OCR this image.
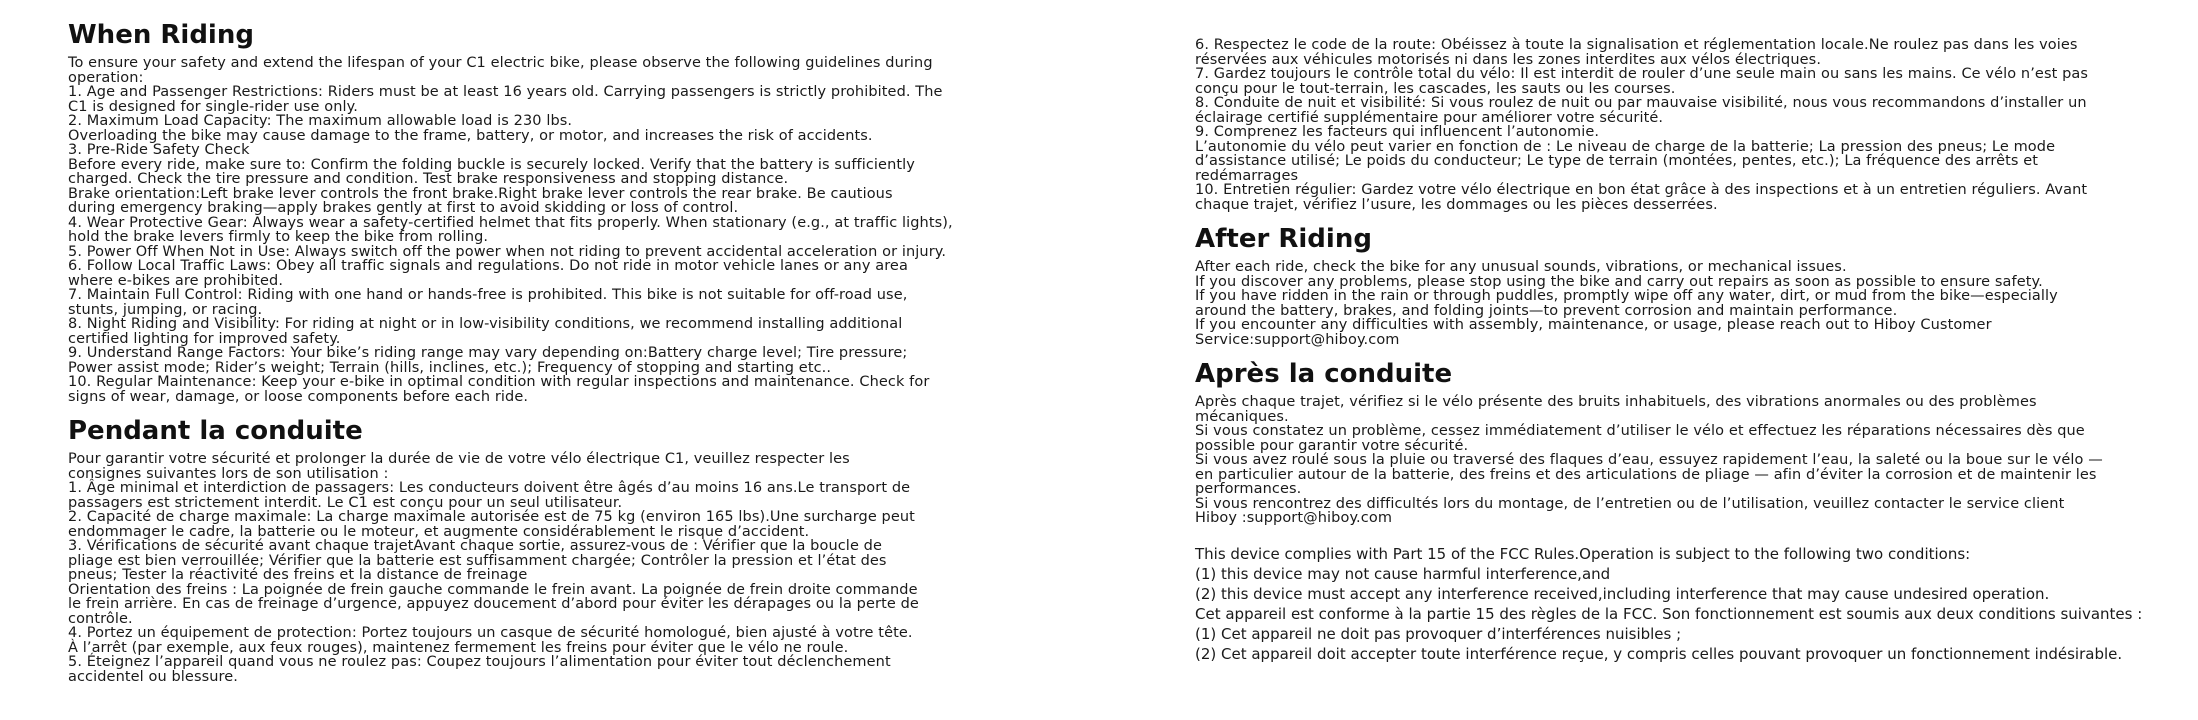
When Riding

To ensure your safety and extend the lifespan of your C1 electric bike, please observe the following guidelines during

operation:

1. Age and Passenger Restrictions: Riders must be at least 16 years old. Carrying passengers is strictly prohibited. The

C1 is designed for single-rider use only.

2. Maximum Load Capacity: The maximum allowable load is 230 lbs.

Overloading the bike may cause damage to the frame, battery, or motor, and increases the risk of accidents.

3. Pre-Ride Safety Check

Before every ride, make sure to: Confirm the folding buckle is securely locked. Verify that the battery is sufficiently

charged. Check the tire pressure and condition. Test brake responsiveness and stopping distance.

Brake orientation:Left brake lever controls the front brake.Right brake lever controls the rear brake. Be cautious

during emergency braking—apply brakes gently at first to avoid skidding or loss of control.

4. Wear Protective Gear: Always wear a safety-certified helmet that fits properly. When stationary (e.g., at traffic lights),

hold the brake levers firmly to keep the bike from rolling.

5. Power Off When Not in Use: Always switch off the power when not riding to prevent accidental acceleration or injury.

6. Follow Local Traffic Laws: Obey all traffic signals and regulations. Do not ride in motor vehicle lanes or any area

where e-bikes are prohibited.

7. Maintain Full Control: Riding with one hand or hands-free is prohibited. This bike is not suitable for off-road use,

stunts, jumping, or racing.

8. Night Riding and Visibility: For riding at night or in low-visibility conditions, we recommend installing additional

certified lighting for improved safety.

9. Understand Range Factors: Your bike’s riding range may vary depending on:Battery charge level; Tire pressure;

Power assist mode; Rider’s weight; Terrain (hills, inclines, etc.); Frequency of stopping and starting etc..

10. Regular Maintenance: Keep your e-bike in optimal condition with regular inspections and maintenance. Check for

signs of wear, damage, or loose components before each ride.

Pendant la conduite

Pour garantir votre sécurité et prolonger la durée de vie de votre vélo électrique C1, veuillez respecter les

consignes suivantes lors de son utilisation :

1. Âge minimal et interdiction de passagers: Les conducteurs doivent être âgés d’au moins 16 ans.Le transport de

passagers est strictement interdit. Le C1 est conçu pour un seul utilisateur.

2. Capacité de charge maximale: La charge maximale autorisée est de 75 kg (environ 165 lbs).Une surcharge peut

endommager le cadre, la batterie ou le moteur, et augmente considérablement le risque d’accident.

3. Vérifications de sécurité avant chaque trajetAvant chaque sortie, assurez-vous de : Vérifier que la boucle de

pliage est bien verrouillée; Vérifier que la batterie est suffisamment chargée; Contrôler la pression et l’état des

pneus; Tester la réactivité des freins et la distance de freinage

Orientation des freins : La poignée de frein gauche commande le frein avant. La poignée de frein droite commande

le frein arrière. En cas de freinage d’urgence, appuyez doucement d’abord pour éviter les dérapages ou la perte de

contrôle.

4. Portez un équipement de protection: Portez toujours un casque de sécurité homologué, bien ajusté à votre tête.

À l’arrêt (par exemple, aux feux rouges), maintenez fermement les freins pour éviter que le vélo ne roule.

5. Éteignez l’appareil quand vous ne roulez pas: Coupez toujours l’alimentation pour éviter tout déclenchement

accidentel ou blessure.

6. Respectez le code de la route: Obéissez à toute la signalisation et réglementation locale.Ne roulez pas dans les voies

réservées aux véhicules motorisés ni dans les zones interdites aux vélos électriques.

7. Gardez toujours le contrôle total du vélo: Il est interdit de rouler d’une seule main ou sans les mains. Ce vélo n’est pas

conçu pour le tout-terrain, les cascades, les sauts ou les courses.

8. Conduite de nuit et visibilité: Si vous roulez de nuit ou par mauvaise visibilité, nous vous recommandons d’installer un

éclairage certifié supplémentaire pour améliorer votre sécurité.

9. Comprenez les facteurs qui influencent l’autonomie.

L’autonomie du vélo peut varier en fonction de : Le niveau de charge de la batterie; La pression des pneus; Le mode

d’assistance utilisé; Le poids du conducteur; Le type de terrain (montées, pentes, etc.); La fréquence des arrêts et

redémarrages

10. Entretien régulier: Gardez votre vélo électrique en bon état grâce à des inspections et à un entretien réguliers. Avant

chaque trajet, vérifiez l’usure, les dommages ou les pièces desserrées.

After Riding

After each ride, check the bike for any unusual sounds, vibrations, or mechanical issues.

If you discover any problems, please stop using the bike and carry out repairs as soon as possible to ensure safety.

If you have ridden in the rain or through puddles, promptly wipe off any water, dirt, or mud from the bike—especially

around the battery, brakes, and folding joints—to prevent corrosion and maintain performance.

If you encounter any difficulties with assembly, maintenance, or usage, please reach out to Hiboy Customer

Service:support@hiboy.com

Après la conduite

Après chaque trajet, vérifiez si le vélo présente des bruits inhabituels, des vibrations anormales ou des problèmes

mécaniques.

Si vous constatez un problème, cessez immédiatement d’utiliser le vélo et effectuez les réparations nécessaires dès que

possible pour garantir votre sécurité.

Si vous avez roulé sous la pluie ou traversé des flaques d’eau, essuyez rapidement l’eau, la saleté ou la boue sur le vélo —

en particulier autour de la batterie, des freins et des articulations de pliage — afin d’éviter la corrosion et de maintenir les

performances.

Si vous rencontrez des difficultés lors du montage, de l’entretien ou de l’utilisation, veuillez contacter le service client

Hiboy :support@hiboy.com

This device complies with Part 15 of the FCC Rules.Operation is subject to the following two conditions:

(1) this device may not cause harmful interference,and

(2) this device must accept any interference received,including interference that may cause undesired operation.

Cet appareil est conforme à la partie 15 des règles de la FCC. Son fonctionnement est soumis aux deux conditions suivantes :

(1) Cet appareil ne doit pas provoquer d’interférences nuisibles ;

(2) Cet appareil doit accepter toute interférence reçue, y compris celles pouvant provoquer un fonctionnement indésirable.
